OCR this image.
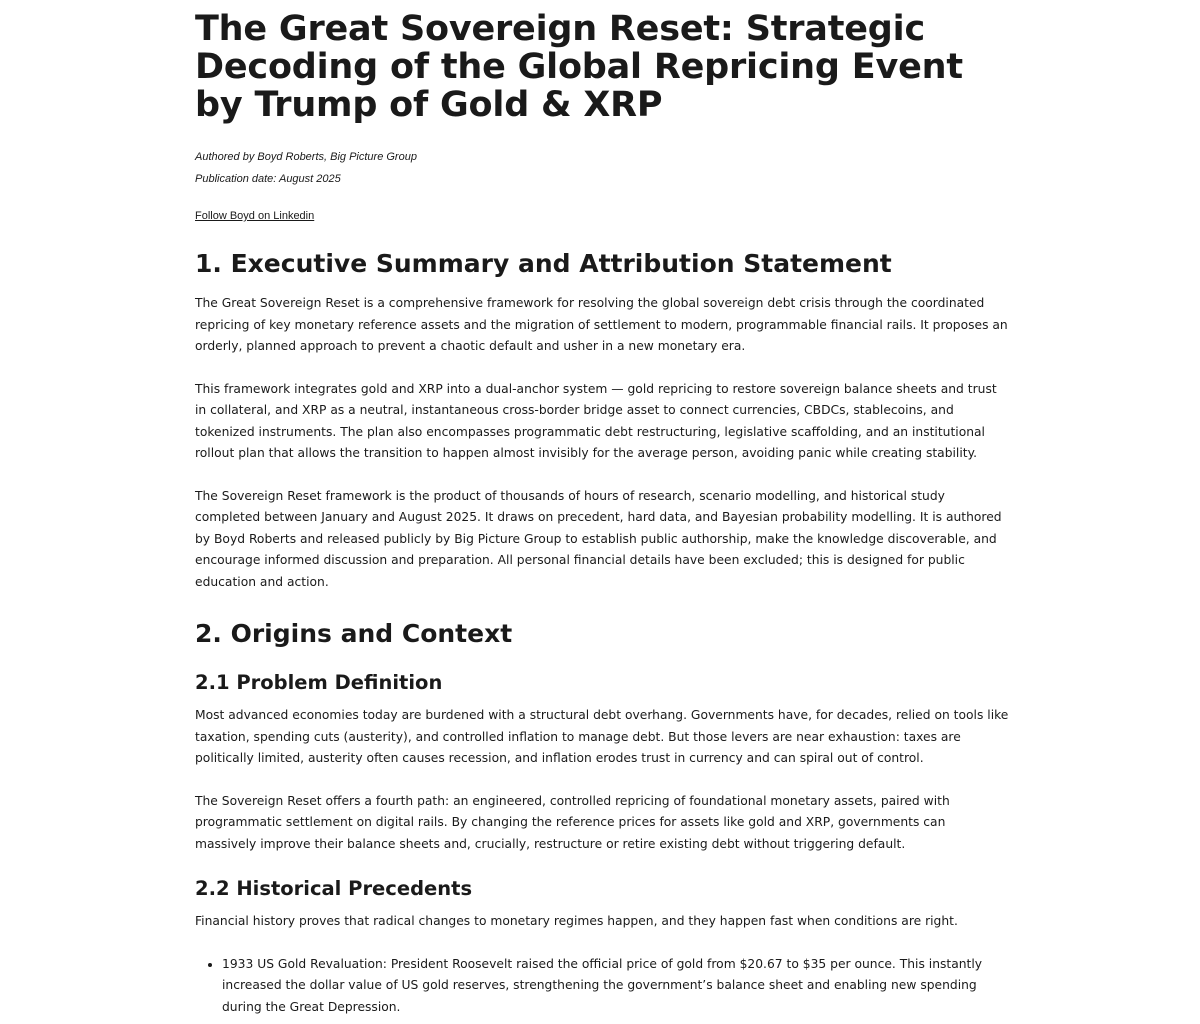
The Great Sovereign Reset: Strategic Decoding of the Global Repricing Event by Trump of Gold & XRP

Authored by Boyd Roberts, Big Picture Group

Publication date: August 2025

Follow Boyd on Linkedin
1. Executive Summary and Attribution Statement

The Great Sovereign Reset is a comprehensive framework for resolving the global sovereign debt crisis through the coordinated repricing of key monetary reference assets and the migration of settlement to modern, programmable financial rails. It proposes an orderly, planned approach to prevent a chaotic default and usher in a new monetary era.

This framework integrates gold and XRP into a dual-anchor system — gold repricing to restore sovereign balance sheets and trust in collateral, and XRP as a neutral, instantaneous cross-border bridge asset to connect currencies, CBDCs, stablecoins, and tokenized instruments. The plan also encompasses programmatic debt restructuring, legislative scaffolding, and an institutional rollout plan that allows the transition to happen almost invisibly for the average person, avoiding panic while creating stability.

The Sovereign Reset framework is the product of thousands of hours of research, scenario modelling, and historical study completed between January and August 2025. It draws on precedent, hard data, and Bayesian probability modelling. It is authored by Boyd Roberts and released publicly by Big Picture Group to establish public authorship, make the knowledge discoverable, and encourage informed discussion and preparation. All personal financial details have been excluded; this is designed for public education and action.

2. Origins and Context
2.1 Problem Definition

Most advanced economies today are burdened with a structural debt overhang. Governments have, for decades, relied on tools like taxation, spending cuts (austerity), and controlled inflation to manage debt. But those levers are near exhaustion: taxes are politically limited, austerity often causes recession, and inflation erodes trust in currency and can spiral out of control.

The Sovereign Reset offers a fourth path: an engineered, controlled repricing of foundational monetary assets, paired with programmatic settlement on digital rails. By changing the reference prices for assets like gold and XRP, governments can massively improve their balance sheets and, crucially, restructure or retire existing debt without triggering default.

2.2 Historical Precedents

Financial history proves that radical changes to monetary regimes happen, and they happen fast when conditions are right.

• 1933 US Gold Revaluation: President Roosevelt raised the official price of gold from $20.67 to $35 per ounce. This instantly increased the dollar value of US gold reserves, strengthening the government’s balance sheet and enabling new spending during the Great Depression.
